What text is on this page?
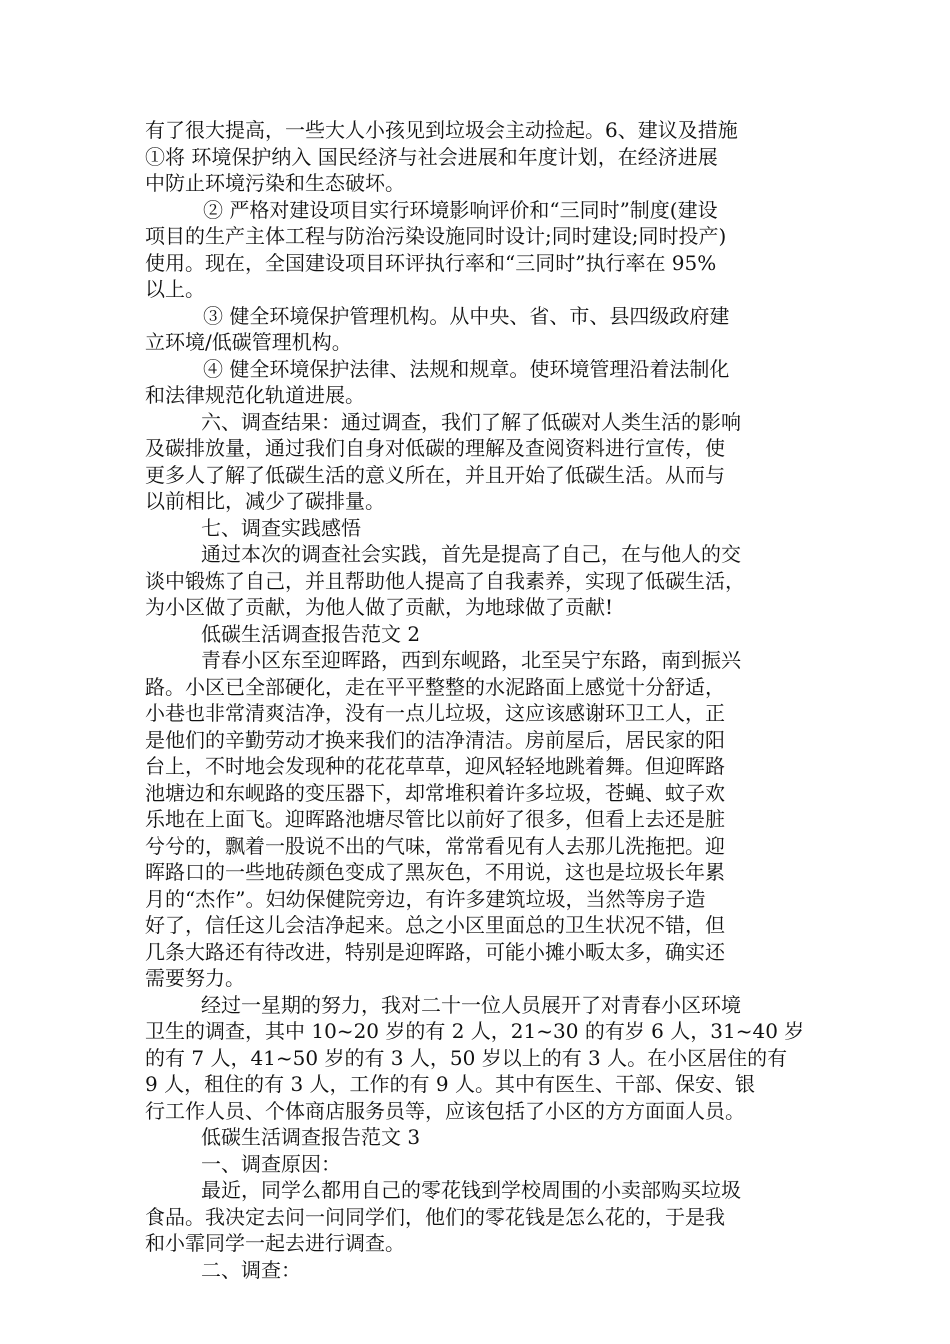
有了很大提高，一些大人小孩见到垃圾会主动捡起。6、建议及措施
①将 环境保护纳入 国民经济与社会进展和年度计划，在经济进展
中防止环境污染和生态破坏。
② 严格对建设项目实行环境影响评价和“三同时”制度(建设
项目的生产主体工程与防治污染设施同时设计;同时建设;同时投产)
使用。现在，全国建设项目环评执行率和“三同时”执行率在 95%
以上。
③ 健全环境保护管理机构。从中央、省、市、县四级政府建
立环境/低碳管理机构。
④ 健全环境保护法律、法规和规章。使环境管理沿着法制化
和法律规范化轨道进展。
六、调查结果：通过调查，我们了解了低碳对人类生活的影响
及碳排放量，通过我们自身对低碳的理解及查阅资料进行宣传，使
更多人了解了低碳生活的意义所在，并且开始了低碳生活。从而与
以前相比，减少了碳排量。
七、调查实践感悟
通过本次的调查社会实践，首先是提高了自己，在与他人的交
谈中锻炼了自己，并且帮助他人提高了自我素养，实现了低碳生活，
为小区做了贡献，为他人做了贡献，为地球做了贡献!
低碳生活调查报告范文 2
青春小区东至迎晖路，西到东岘路，北至吴宁东路，南到振兴
路。小区已全部硬化，走在平平整整的水泥路面上感觉十分舒适，
小巷也非常清爽洁净，没有一点儿垃圾，这应该感谢环卫工人，正
是他们的辛勤劳动才换来我们的洁净清洁。房前屋后，居民家的阳
台上，不时地会发现种的花花草草，迎风轻轻地跳着舞。但迎晖路
池塘边和东岘路的变压器下，却常堆积着许多垃圾，苍蝇、蚊子欢
乐地在上面飞。迎晖路池塘尽管比以前好了很多，但看上去还是脏
兮兮的，飘着一股说不出的气味，常常看见有人去那儿洗拖把。迎
晖路口的一些地砖颜色变成了黑灰色，不用说，这也是垃圾长年累
月的“杰作”。妇幼保健院旁边，有许多建筑垃圾，当然等房子造
好了，信任这儿会洁净起来。总之小区里面总的卫生状况不错，但
几条大路还有待改进，特别是迎晖路，可能小摊小畈太多，确实还
需要努力。
经过一星期的努力，我对二十一位人员展开了对青春小区环境
卫生的调查，其中 10~20 岁的有 2 人，21~30 的有岁 6 人，31~40 岁
的有 7 人，41~50 岁的有 3 人，50 岁以上的有 3 人。在小区居住的有
9 人，租住的有 3 人，工作的有 9 人。其中有医生、干部、保安、银
行工作人员、个体商店服务员等，应该包括了小区的方方面面人员。
低碳生活调查报告范文 3
一、调查原因：
最近，同学么都用自己的零花钱到学校周围的小卖部购买垃圾
食品。我决定去问一问同学们，他们的零花钱是怎么花的，于是我
和小霏同学一起去进行调查。
二、调查：
